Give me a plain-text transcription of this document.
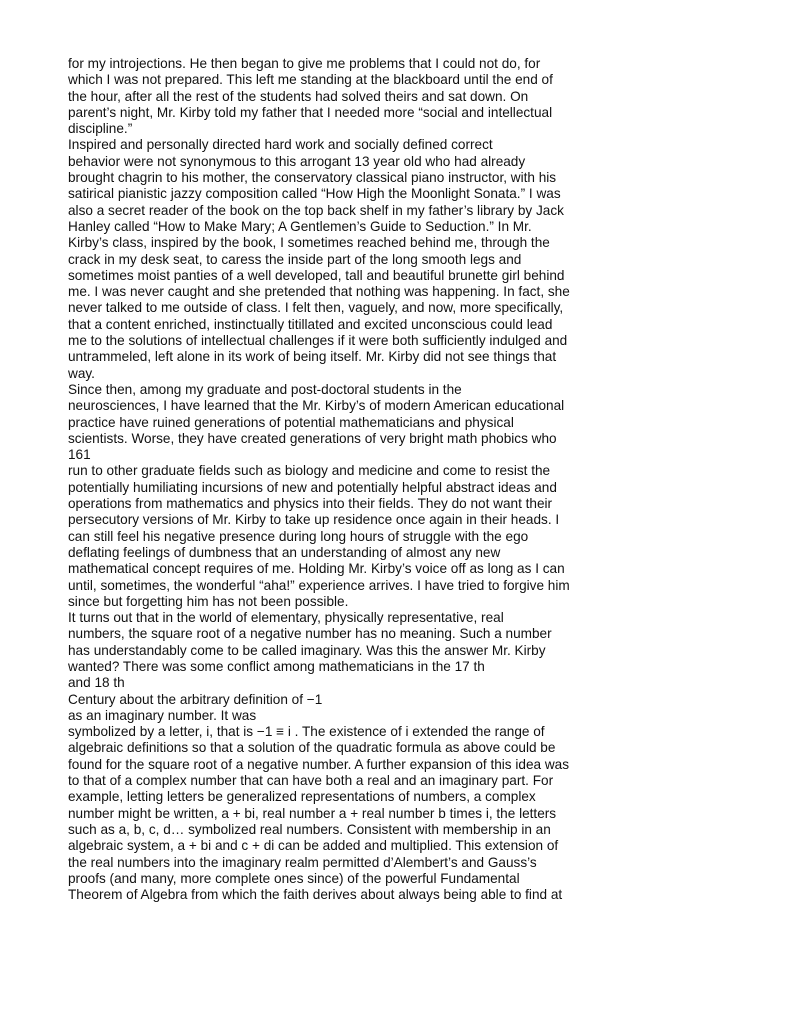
for my introjections. He then began to give me problems that I could not do, for
which I was not prepared. This left me standing at the blackboard until the end of
the hour, after all the rest of the students had solved theirs and sat down. On
parent’s night, Mr. Kirby told my father that I needed more “social and intellectual
discipline.”
Inspired and personally directed hard work and socially defined correct
behavior were not synonymous to this arrogant 13 year old who had already
brought chagrin to his mother, the conservatory classical piano instructor, with his
satirical pianistic jazzy composition called “How High the Moonlight Sonata.” I was
also a secret reader of the book on the top back shelf in my father’s library by Jack
Hanley called “How to Make Mary; A Gentlemen’s Guide to Seduction.” In Mr.
Kirby’s class, inspired by the book, I sometimes reached behind me, through the
crack in my desk seat, to caress the inside part of the long smooth legs and
sometimes moist panties of a well developed, tall and beautiful brunette girl behind
me. I was never caught and she pretended that nothing was happening. In fact, she
never talked to me outside of class. I felt then, vaguely, and now, more specifically,
that a content enriched, instinctually titillated and excited unconscious could lead
me to the solutions of intellectual challenges if it were both sufficiently indulged and
untrammeled, left alone in its work of being itself. Mr. Kirby did not see things that
way.
Since then, among my graduate and post-doctoral students in the
neurosciences, I have learned that the Mr. Kirby’s of modern American educational
practice have ruined generations of potential mathematicians and physical
scientists. Worse, they have created generations of very bright math phobics who
161
run to other graduate fields such as biology and medicine and come to resist the
potentially humiliating incursions of new and potentially helpful abstract ideas and
operations from mathematics and physics into their fields. They do not want their
persecutory versions of Mr. Kirby to take up residence once again in their heads. I
can still feel his negative presence during long hours of struggle with the ego
deflating feelings of dumbness that an understanding of almost any new
mathematical concept requires of me. Holding Mr. Kirby’s voice off as long as I can
until, sometimes, the wonderful “aha!” experience arrives. I have tried to forgive him
since but forgetting him has not been possible.
It turns out that in the world of elementary, physically representative, real
numbers, the square root of a negative number has no meaning. Such a number
has understandably come to be called imaginary. Was this the answer Mr. Kirby
wanted? There was some conflict among mathematicians in the 17 th
and 18 th
Century about the arbitrary definition of −1
as an imaginary number. It was
symbolized by a letter, i, that is −1 ≡ i . The existence of i extended the range of
algebraic definitions so that a solution of the quadratic formula as above could be
found for the square root of a negative number. A further expansion of this idea was
to that of a complex number that can have both a real and an imaginary part. For
example, letting letters be generalized representations of numbers, a complex
number might be written, a + bi, real number a + real number b times i, the letters
such as a, b, c, d… symbolized real numbers. Consistent with membership in an
algebraic system, a + bi and c + di can be added and multiplied. This extension of
the real numbers into the imaginary realm permitted d’Alembert’s and Gauss’s
proofs (and many, more complete ones since) of the powerful Fundamental
Theorem of Algebra from which the faith derives about always being able to find at
